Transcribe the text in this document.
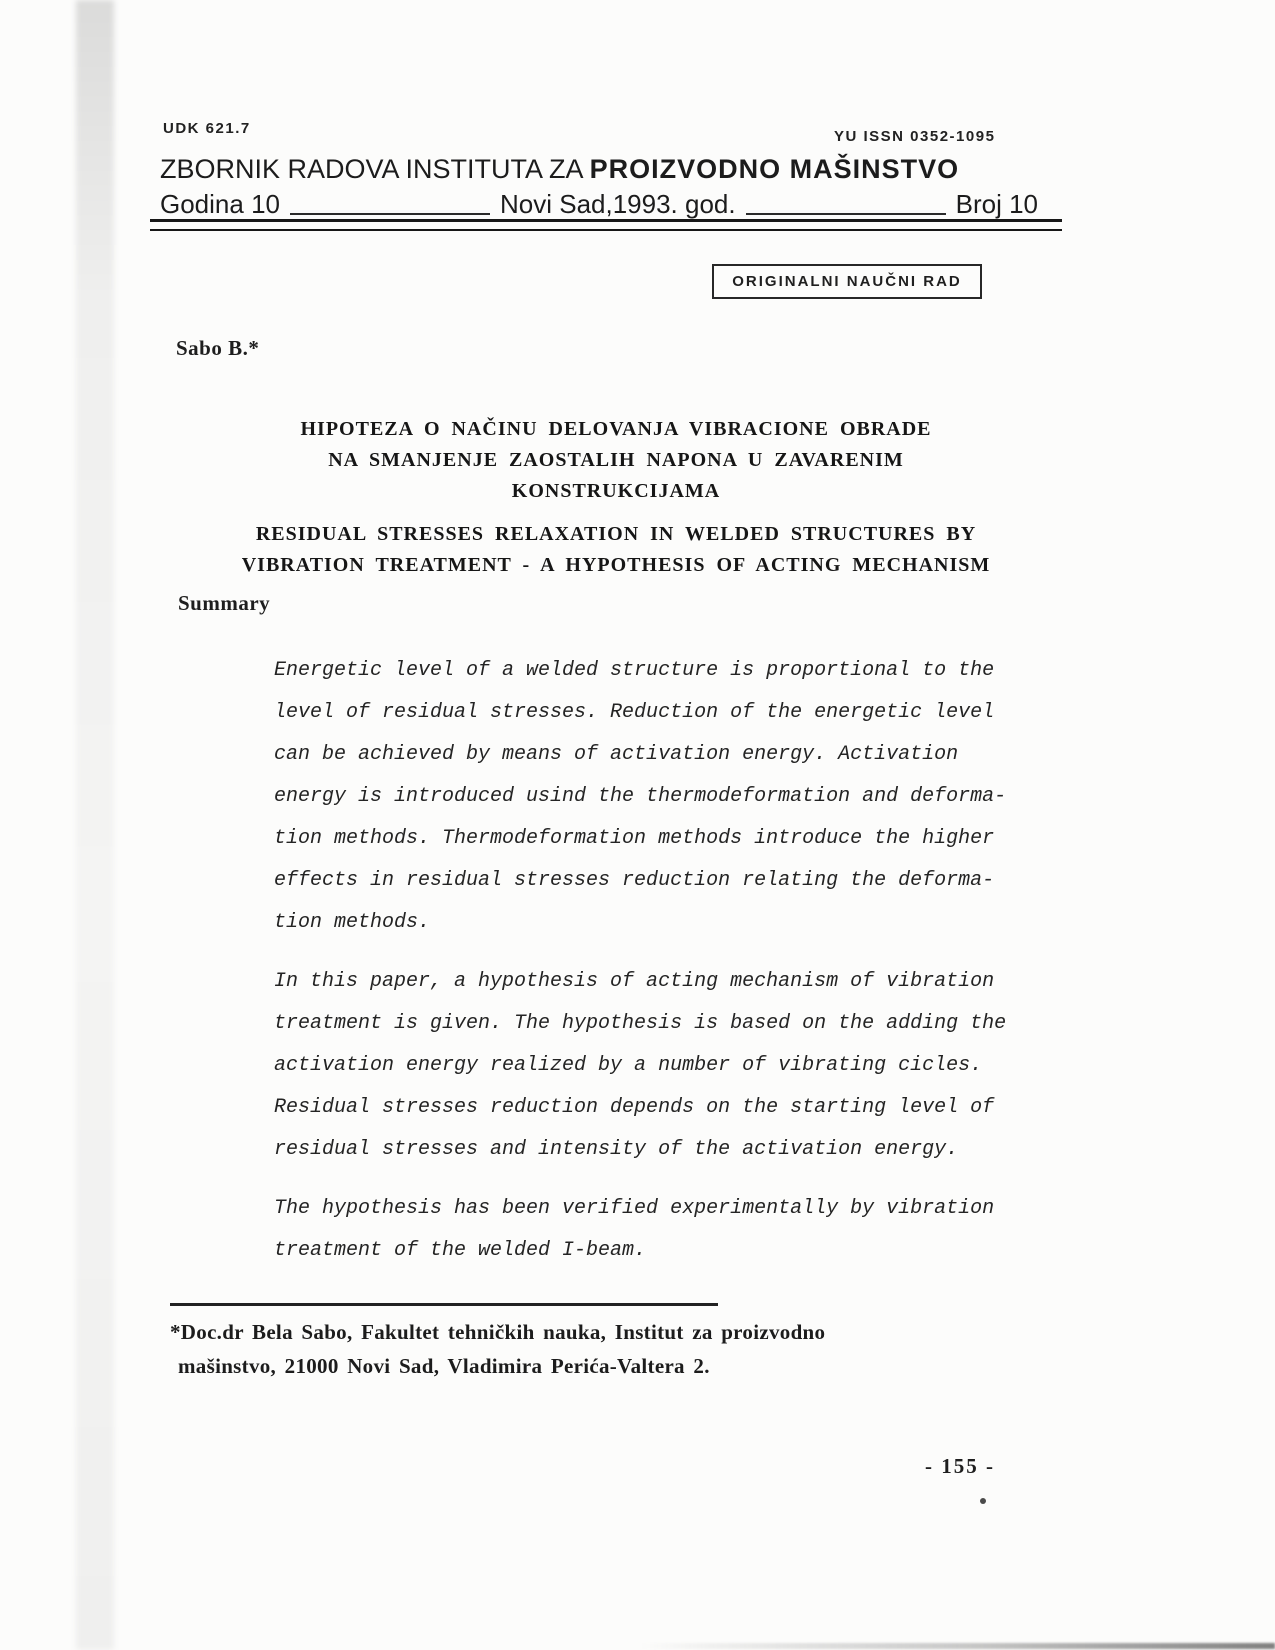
UDK 621.7	YU ISSN 0352-1095
ZBORNIK RADOVA INSTITUTA ZA PROIZVODNO MAŠINSTVO
Godina 10	Novi Sad,1993. god.	Broj 10
ORIGINALNI NAUČNI RAD
Sabo B.*
HIPOTEZA O NAČINU DELOVANJA VIBRACIONE OBRADE
NA SMANJENJE ZAOSTALIH NAPONA U ZAVARENIM
KONSTRUKCIJAMA
RESIDUAL STRESSES RELAXATION IN WELDED STRUCTURES BY
VIBRATION TREATMENT - A HYPOTHESIS OF ACTING MECHANISM
Summary
Energetic level of a welded structure is proportional to the
level of residual stresses. Reduction of the energetic level
can be achieved by means of activation energy. Activation
energy is introduced usind the thermodeformation and deforma-
tion methods. Thermodeformation methods introduce the higher
effects in residual stresses reduction relating the deforma-
tion methods.
In this paper, a hypothesis of acting mechanism of vibration
treatment is given. The hypothesis is based on the adding the
activation energy realized by a number of vibrating cicles.
Residual stresses reduction depends on the starting level of
residual stresses and intensity of the activation energy.
The hypothesis has been verified experimentally by vibration
treatment of the welded I-beam.
*Doc.dr Bela Sabo, Fakultet tehničkih nauka, Institut za proizvodno
mašinstvo, 21000 Novi Sad, Vladimira Perića-Valtera 2.
- 155 -
